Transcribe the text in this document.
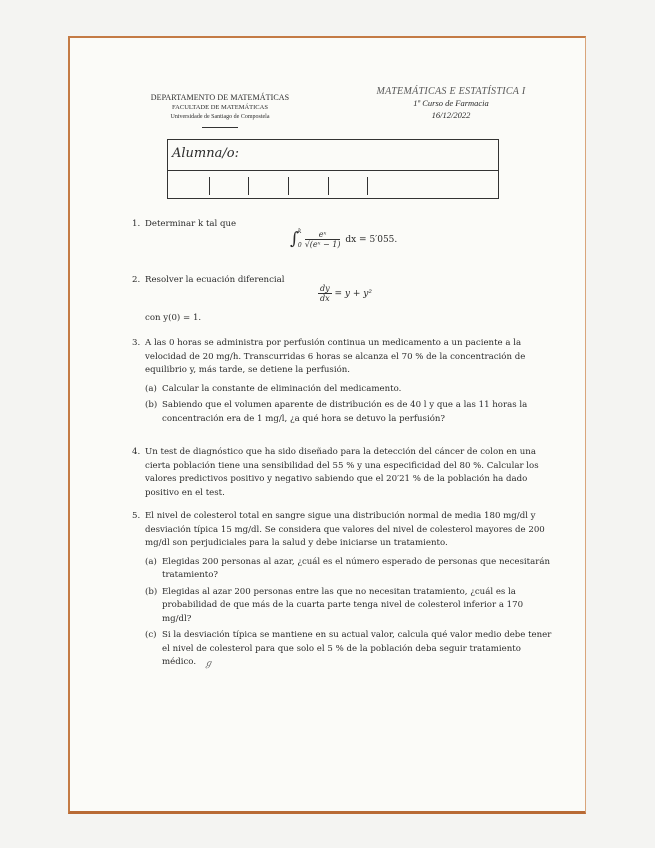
DEPARTAMENTO DE MATEMÁTICAS
FACULTADE DE MATEMÁTICAS
Universidade de Santiago de Compostela
MATEMÁTICAS E ESTATÍSTICA I
1º Curso de Farmacia
16/12/2022
Alumna/o:
1. Determinar k tal que
∫ k
$0 \frac{\text{eˣ}}{\text{√(eˣ − 1)}}$ dx = 5′055.
2. Resolver la ecuación diferencial
$\frac{dy}{dx} = y + y^2$
con y(0) = 1.
3. A las 0 horas se administra por perfusión continua un medicamento a un paciente a la velocidad de 20 mg/h. Transcurridas 6 horas se alcanza el 70 % de la concentración de equilibrio y, más tarde, se detiene la perfusión.
(a) Calcular la constante de eliminación del medicamento.
(b) Sabiendo que el volumen aparente de distribución es de 40 l y que a las 11 horas la concentración era de 1 mg/l, ¿a qué hora se detuvo la perfusión?
4. Un test de diagnóstico que ha sido diseñado para la detección del cáncer de colon en una cierta población tiene una sensibilidad del 55 % y una especificidad del 80 %. Calcular los valores predictivos positivo y negativo sabiendo que el 20′21 % de la población ha dado positivo en el test.
5. El nivel de colesterol total en sangre sigue una distribución normal de media 180 mg/dl y desviación típica 15 mg/dl. Se considera que valores del nivel de colesterol mayores de 200 mg/dl son perjudiciales para la salud y debe iniciarse un tratamiento.
(a) Elegidas 200 personas al azar, ¿cuál es el número esperado de personas que necesitarán tratamiento?
(b) Elegidas al azar 200 personas entre las que no necesitan tratamiento, ¿cuál es la probabilidad de que más de la cuarta parte tenga nivel de colesterol inferior a 170 mg/dl?
(c) Si la desviación típica se mantiene en su actual valor, calcula qué valor medio debe tener el nivel de colesterol para que solo el 5 % de la población deba seguir tratamiento médico. ℊ
